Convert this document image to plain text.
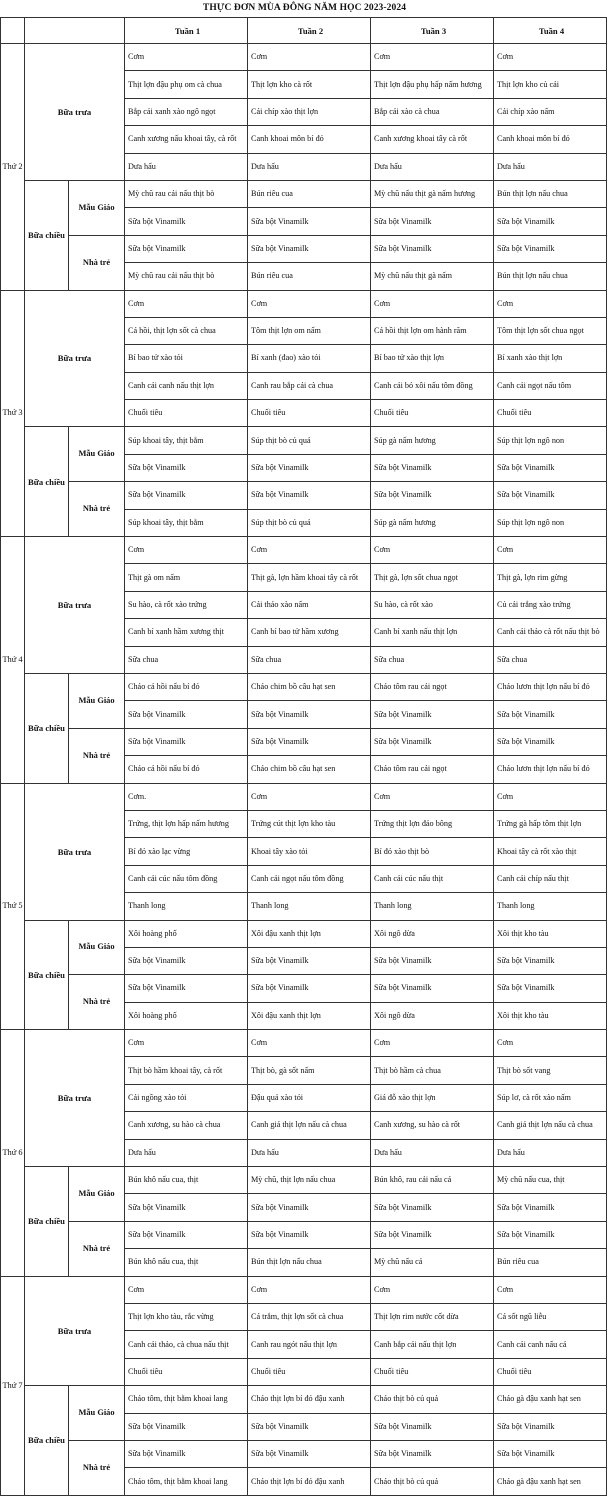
THỰC ĐƠN MÙA ĐÔNG NĂM HỌC 2023-2024
			Tuần 1	Tuần 2	Tuần 3	Tuần 4
Thứ 2	Bữa trưa		Cơm	Cơm	Cơm	Cơm
			Thịt lợn đậu phụ om cà chua	Thịt lợn kho cà rốt	Thịt lợn đậu phụ hấp nấm hương	Thịt lợn kho củ cải
			Bắp cải xanh xào ngô ngọt	Cải chíp xào thịt lợn	Bắp cải xào cà chua	Cải chíp xào nấm
			Canh xương nấu khoai tây, cà rốt	Canh khoai môn bí đỏ	Canh xương khoai tây cà rốt	Canh khoai môn bí đỏ
			Dưa hấu	Dưa hấu	Dưa hấu	Dưa hấu
	Bữa chiều	Mẫu Giáo	Mỳ chũ rau cải nấu thịt bò	Bún riêu cua	Mỳ chũ nấu thịt gà nấm hương	Bún thịt lợn nấu chua
			Sữa bột Vinamilk	Sữa bột Vinamilk	Sữa bột Vinamilk	Sữa bột Vinamilk
		Nhà trẻ	Sữa bột Vinamilk	Sữa bột Vinamilk	Sữa bột Vinamilk	Sữa bột Vinamilk
			Mỳ chũ rau cải nấu thịt bò	Bún riêu cua	Mỳ chũ nấu thịt gà nấm	Bún thịt lợn nấu chua
Thứ 3	Bữa trưa		Cơm	Cơm	Cơm	Cơm
			Cá hồi, thịt lợn sốt cà chua	Tôm thịt lợn om nấm	Cá hồi thịt lợn om hành răm	Tôm thịt lợn sốt chua ngọt
			Bí bao tử xào tỏi	Bí xanh (đao) xào tỏi	Bí bao tử xào thịt lợn	Bí xanh xào thịt lợn
			Canh cải canh nấu thịt lợn	Canh rau bắp cải cà chua	Canh cải bó xôi nấu tôm đồng	Canh cải ngọt nấu tôm
			Chuối tiêu	Chuối tiêu	Chuối tiêu	Chuối tiêu
	Bữa chiều	Mẫu Giáo	Súp khoai tây, thịt bằm	Súp thịt bò củ quả	Súp gà nấm hương	Súp thịt lợn ngô non
			Sữa bột Vinamilk	Sữa bột Vinamilk	Sữa bột Vinamilk	Sữa bột Vinamilk
		Nhà trẻ	Sữa bột Vinamilk	Sữa bột Vinamilk	Sữa bột Vinamilk	Sữa bột Vinamilk
			Súp khoai tây, thịt bằm	Súp thịt bò củ quả	Súp gà nấm hương	Súp thịt lợn ngô non
Thứ 4	Bữa trưa		Cơm	Cơm	Cơm	Cơm
			Thịt gà om nấm	Thịt gà, lợn hầm khoai tây cà rốt	Thịt gà, lợn sốt chua ngọt	Thịt gà, lợn rim gừng
			Su hào, cà rốt xào trứng	Cải thảo xào nấm	Su hào, cà rốt xào	Củ cải trắng xào trứng
			Canh bí xanh hầm xương thịt	Canh bí bao tử hầm xương	Canh bí xanh nấu thịt lợn	Canh cải thảo cà rốt nấu thịt bò
			Sữa chua	Sữa chua	Sữa chua	Sữa chua
	Bữa chiều	Mẫu Giáo	Cháo cá hồi nấu bí đỏ	Cháo chim bồ câu hạt sen	Cháo tôm rau cải ngọt	Cháo lươn thịt lợn nấu bí đỏ
			Sữa bột Vinamilk	Sữa bột Vinamilk	Sữa bột Vinamilk	Sữa bột Vinamilk
		Nhà trẻ	Sữa bột Vinamilk	Sữa bột Vinamilk	Sữa bột Vinamilk	Sữa bột Vinamilk
			Cháo cá hồi nấu bí đỏ	Cháo chim bồ câu hạt sen	Cháo tôm rau cải ngọt	Cháo lươn thịt lợn nấu bí đỏ
Thứ 5	Bữa trưa		Cơm.	Cơm	Cơm	Cơm
			Trứng, thịt lợn hấp nấm hương	Trứng cút thịt lợn kho tàu	Trứng thịt lợn đảo bông	Trứng gà hấp tôm thịt lợn
			Bí đỏ xào lạc vừng	Khoai tây xào tỏi	Bí đỏ xào thịt bò	Khoai tây cà rốt xào thịt
			Canh cải cúc nấu tôm đồng	Canh cải ngọt nấu tôm đồng	Canh cải cúc nấu thịt	Canh cải chíp nấu thịt
			Thanh long	Thanh long	Thanh long	Thanh long
	Bữa chiều	Mẫu Giáo	Xôi hoàng phố	Xôi đậu xanh thịt lợn	Xôi ngô dừa	Xôi thịt kho tàu
			Sữa bột Vinamilk	Sữa bột Vinamilk	Sữa bột Vinamilk	Sữa bột Vinamilk
		Nhà trẻ	Sữa bột Vinamilk	Sữa bột Vinamilk	Sữa bột Vinamilk	Sữa bột Vinamilk
			Xôi hoàng phố	Xôi đậu xanh thịt lợn	Xôi ngô dừa	Xôi thịt kho tàu
Thứ 6	Bữa trưa		Cơm	Cơm	Cơm	Cơm
			Thịt bò hầm khoai tây, cà rốt	Thịt bò, gà sốt nấm	Thịt bò hầm cà chua	Thịt bò sốt vang
			Cải ngồng xào tỏi	Đậu quả xào tỏi	Giá đỗ xào thịt lợn	Súp lơ, cà rốt xào nấm
			Canh xương, su hào cà chua	Canh giá thịt lợn nấu cà chua	Canh xương, su hào cà rốt	Canh giá thịt lợn nấu cà chua
			Dưa hấu	Dưa hấu	Dưa hấu	Dưa hấu
	Bữa chiều	Mẫu Giáo	Bún khô nấu cua, thịt	Mỳ chũ, thịt lợn nấu chua	Bún khô, rau cải nấu cá	Mỳ chũ nấu cua, thịt
			Sữa bột Vinamilk	Sữa bột Vinamilk	Sữa bột Vinamilk	Sữa bột Vinamilk
		Nhà trẻ	Sữa bột Vinamilk	Sữa bột Vinamilk	Sữa bột Vinamilk	Sữa bột Vinamilk
			Bún khô nấu cua, thịt	Bún thịt lợn nấu chua	Mỳ chũ nấu cá	Bún riêu cua
Thứ 7	Bữa trưa		Cơm	Cơm	Cơm	Cơm
			Thịt lợn kho tàu, rắc vừng	Cá trắm, thịt lợn sốt cà chua	Thịt lợn rim nước cốt dừa	Cá sốt ngũ liễu
			Canh cải thảo, cà chua nấu thịt	Canh rau ngót nấu thịt lợn	Canh bắp cải nấu thịt lợn	Canh cải canh nấu cá
			Chuối tiêu	Chuối tiêu	Chuối tiêu	Chuối tiêu
	Bữa chiều	Mẫu Giáo	Cháo tôm, thịt bằm khoai lang	Cháo thịt lợn bí đỏ đậu xanh	Cháo thịt bò củ quả	Cháo gà đậu xanh hạt sen
			Sữa bột Vinamilk	Sữa bột Vinamilk	Sữa bột Vinamilk	Sữa bột Vinamilk
		Nhà trẻ	Sữa bột Vinamilk	Sữa bột Vinamilk	Sữa bột Vinamilk	Sữa bột Vinamilk
			Cháo tôm, thịt bằm khoai lang	Cháo thịt lợn bí đỏ đậu xanh	Cháo thịt bò củ quả	Cháo gà đậu xanh hạt sen
